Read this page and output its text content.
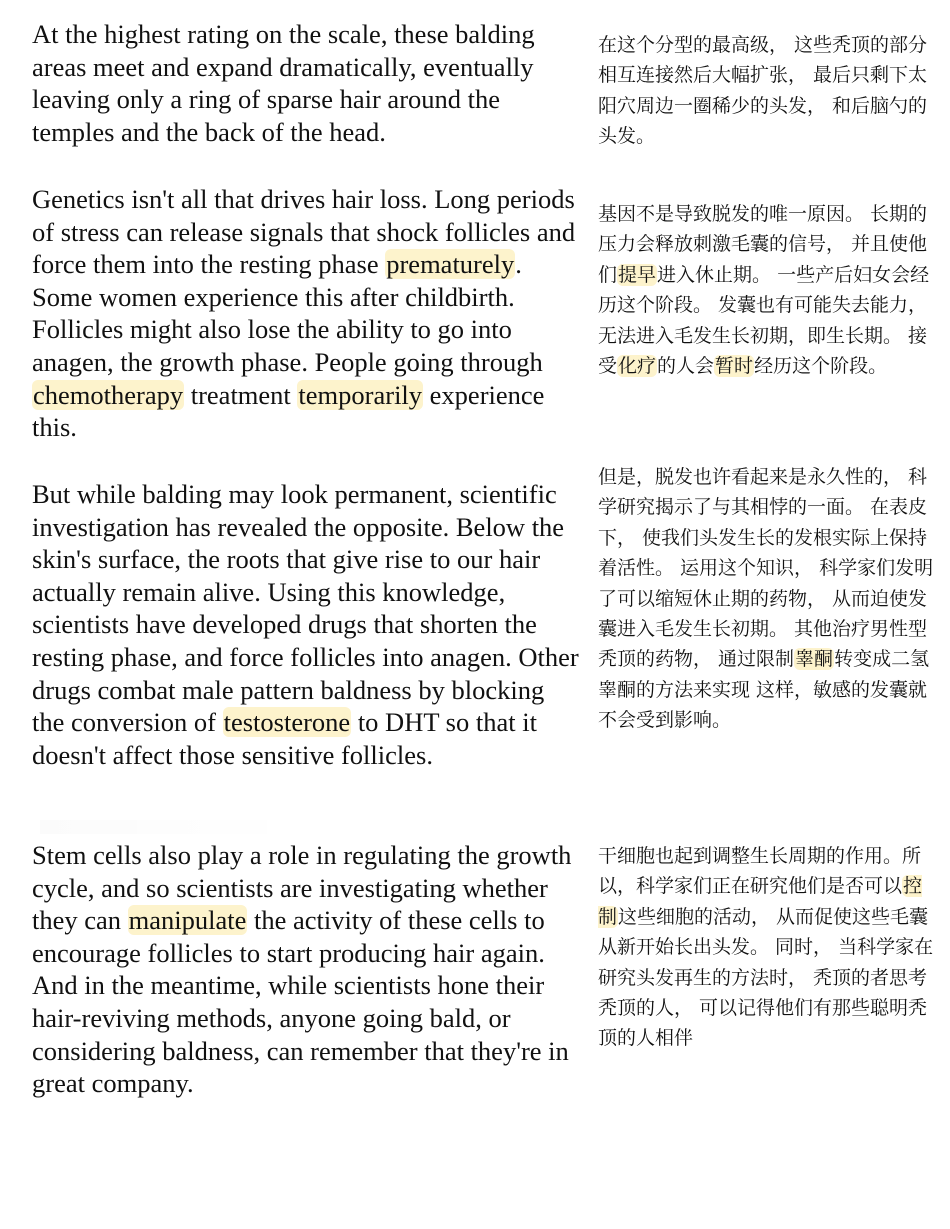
At the highest rating on the scale, these balding areas meet and expand dramatically, eventually leaving only a ring of sparse hair around the temples and the back of the head.

在这个分型的最高级， 这些秃顶的部分相互连接然后大幅扩张， 最后只剩下太阳穴周边一圈稀少的头发， 和后脑勺的头发。

Genetics isn't all that drives hair loss. Long periods of stress can release signals that shock follicles and force them into the resting phase prematurely. Some women experience this after childbirth. Follicles might also lose the ability to go into anagen, the growth phase. People going through chemotherapy treatment temporarily experience this.

基因不是导致脱发的唯一原因。 长期的压力会释放刺激毛囊的信号， 并且使他们提早进入休止期。 一些产后妇女会经历这个阶段。 发囊也有可能失去能力， 无法进入毛发生长初期，即生长期。 接受化疗的人会暂时经历这个阶段。

But while balding may look permanent, scientific investigation has revealed the opposite. Below the skin's surface, the roots that give rise to our hair actually remain alive. Using this knowledge, scientists have developed drugs that shorten the resting phase, and force follicles into anagen. Other drugs combat male pattern baldness by blocking the conversion of testosterone to DHT so that it doesn't affect those sensitive follicles.

但是，脱发也许看起来是永久性的， 科学研究揭示了与其相悖的一面。 在表皮下， 使我们头发生长的发根实际上保持着活性。 运用这个知识， 科学家们发明了可以缩短休止期的药物， 从而迫使发囊进入毛发生长初期。 其他治疗男性型秃顶的药物， 通过限制睾酮转变成二氢睾酮的方法来实现 这样，敏感的发囊就不会受到影响。

Stem cells also play a role in regulating the growth cycle, and so scientists are investigating whether they can manipulate the activity of these cells to encourage follicles to start producing hair again. And in the meantime, while scientists hone their hair-reviving methods, anyone going bald, or considering baldness, can remember that they're in great company.

干细胞也起到调整生长周期的作用。所以，科学家们正在研究他们是否可以控制这些细胞的活动， 从而促使这些毛囊从新开始长出头发。 同时， 当科学家在研究头发再生的方法时， 秃顶的者思考秃顶的人， 可以记得他们有那些聪明秃顶的人相伴
